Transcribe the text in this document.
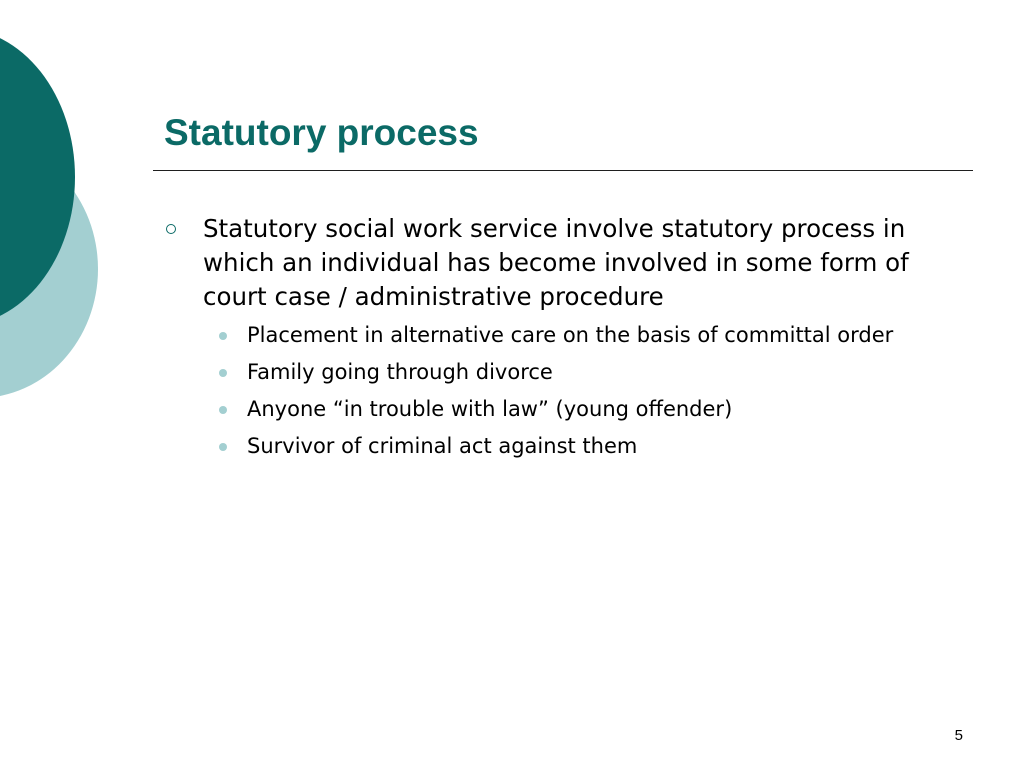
Statutory process
Statutory social work service involve statutory process in which an individual has become involved in some form of court case / administrative procedure
Placement in alternative care on the basis of committal order
Family going through divorce
Anyone “in trouble with law” (young offender)
Survivor of criminal act against them
5
